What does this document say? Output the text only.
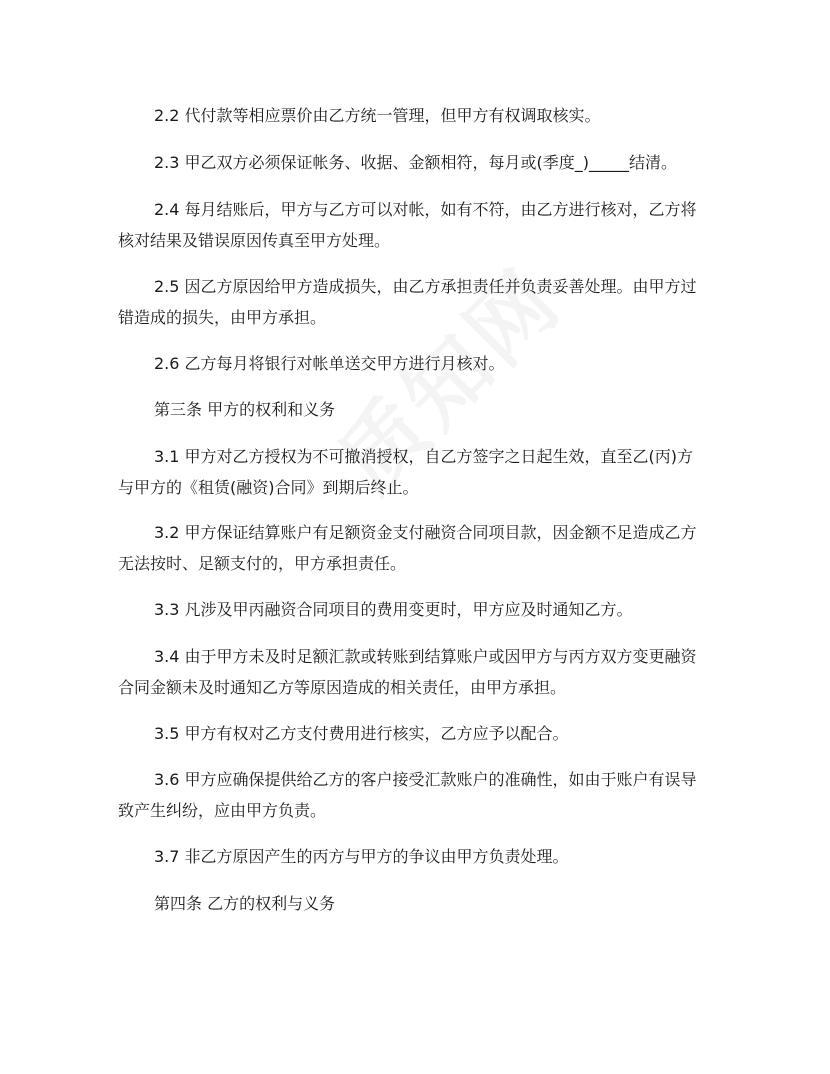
2.2 代付款等相应票价由乙方统一管理，但甲方有权调取核实。

2.3 甲乙双方必须保证帐务、收据、金额相符，每月或(季度_)_____结清。

2.4 每月结账后，甲方与乙方可以对帐，如有不符，由乙方进行核对，乙方将
核对结果及错误原因传真至甲方处理。

2.5 因乙方原因给甲方造成损失，由乙方承担责任并负责妥善处理。由甲方过
错造成的损失，由甲方承担。

2.6 乙方每月将银行对帐单送交甲方进行月核对。

第三条 甲方的权利和义务

3.1 甲方对乙方授权为不可撤消授权，自乙方签字之日起生效，直至乙(丙)方
与甲方的《租赁(融资)合同》到期后终止。

3.2 甲方保证结算账户有足额资金支付融资合同项目款，因金额不足造成乙方
无法按时、足额支付的，甲方承担责任。

3.3 凡涉及甲丙融资合同项目的费用变更时，甲方应及时通知乙方。

3.4 由于甲方未及时足额汇款或转账到结算账户或因甲方与丙方双方变更融资
合同金额未及时通知乙方等原因造成的相关责任，由甲方承担。

3.5 甲方有权对乙方支付费用进行核实，乙方应予以配合。

3.6 甲方应确保提供给乙方的客户接受汇款账户的准确性，如由于账户有误导
致产生纠纷，应由甲方负责。

3.7 非乙方原因产生的丙方与甲方的争议由甲方负责处理。

第四条 乙方的权利与义务
